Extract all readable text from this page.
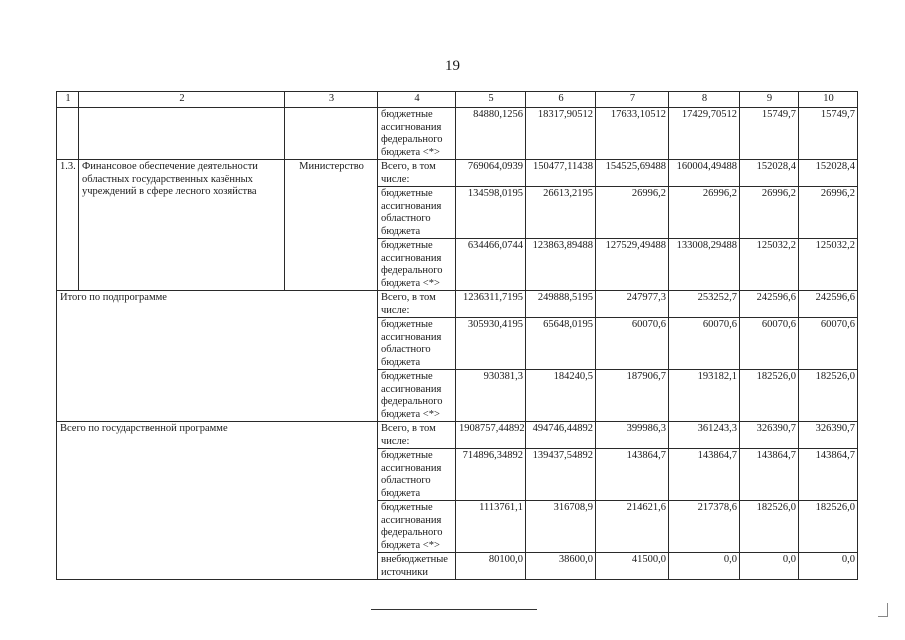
19
1	2	3	4	5	6	7	8	9	10
			бюджетные ассигнования федерального бюджета <*>	84880,1256	18317,90512	17633,10512	17429,70512	15749,7	15749,7
1.3.	Финансовое обеспечение деятельности областных государственных казённых учреждений в сфере лесного хозяйства	Министерство	Всего, в том числе:	769064,0939	150477,11438	154525,69488	160004,49488	152028,4	152028,4
			бюджетные ассигнования областного бюджета	134598,0195	26613,2195	26996,2	26996,2	26996,2	26996,2
			бюджетные ассигнования федерального бюджета <*>	634466,0744	123863,89488	127529,49488	133008,29488	125032,2	125032,2
Итого по подпрограмме			Всего, в том числе:	1236311,7195	249888,5195	247977,3	253252,7	242596,6	242596,6
			бюджетные ассигнования областного бюджета	305930,4195	65648,0195	60070,6	60070,6	60070,6	60070,6
			бюджетные ассигнования федерального бюджета <*>	930381,3	184240,5	187906,7	193182,1	182526,0	182526,0
Всего по государственной программе			Всего, в том числе:	1908757,44892	494746,44892	399986,3	361243,3	326390,7	326390,7
			бюджетные ассигнования областного бюджета	714896,34892	139437,54892	143864,7	143864,7	143864,7	143864,7
			бюджетные ассигнования федерального бюджета <*>	1113761,1	316708,9	214621,6	217378,6	182526,0	182526,0
			внебюджетные источники	80100,0	38600,0	41500,0	0,0	0,0	0,0
